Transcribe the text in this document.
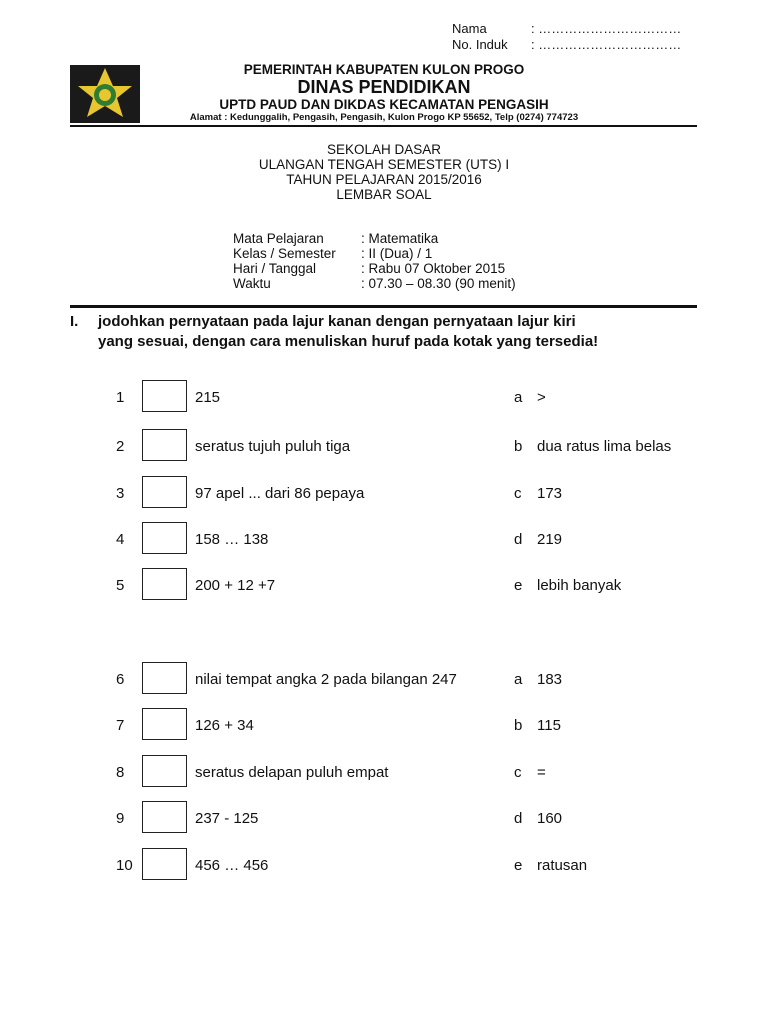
Nama	: ……………………………
No. Induk : ……………………………
PEMERINTAH KABUPATEN KULON PROGO
DINAS PENDIDIKAN
UPTD PAUD DAN DIKDAS KECAMATAN PENGASIH
Alamat : Kedunggalih, Pengasih, Pengasih, Kulon Progo KP 55652, Telp (0274) 774723
SEKOLAH DASAR
ULANGAN TENGAH SEMESTER (UTS) I
TAHUN PELAJARAN 2015/2016
LEMBAR SOAL
Mata Pelajaran	: Matematika
Kelas / Semester : II (Dua) / 1
Hari / Tanggal	: Rabu 07 Oktober 2015
Waktu	: 07.30 – 08.30 (90 menit)
I. jodohkan pernyataan pada lajur kanan dengan pernyataan lajur kiri
yang sesuai, dengan cara menuliskan huruf pada kotak yang tersedia!
1	215	a >
2	seratus tujuh puluh tiga	b dua ratus lima belas
3	97 apel ... dari 86 pepaya	c 173
4	158 … 138	d 219
5	200 + 12 +7	e lebih banyak
6	nilai tempat angka 2 pada bilangan 247	a 183
7	126 + 34	b 115
8	seratus delapan puluh empat	c =
9	237 - 125	d 160
10	456 … 456	e ratusan
